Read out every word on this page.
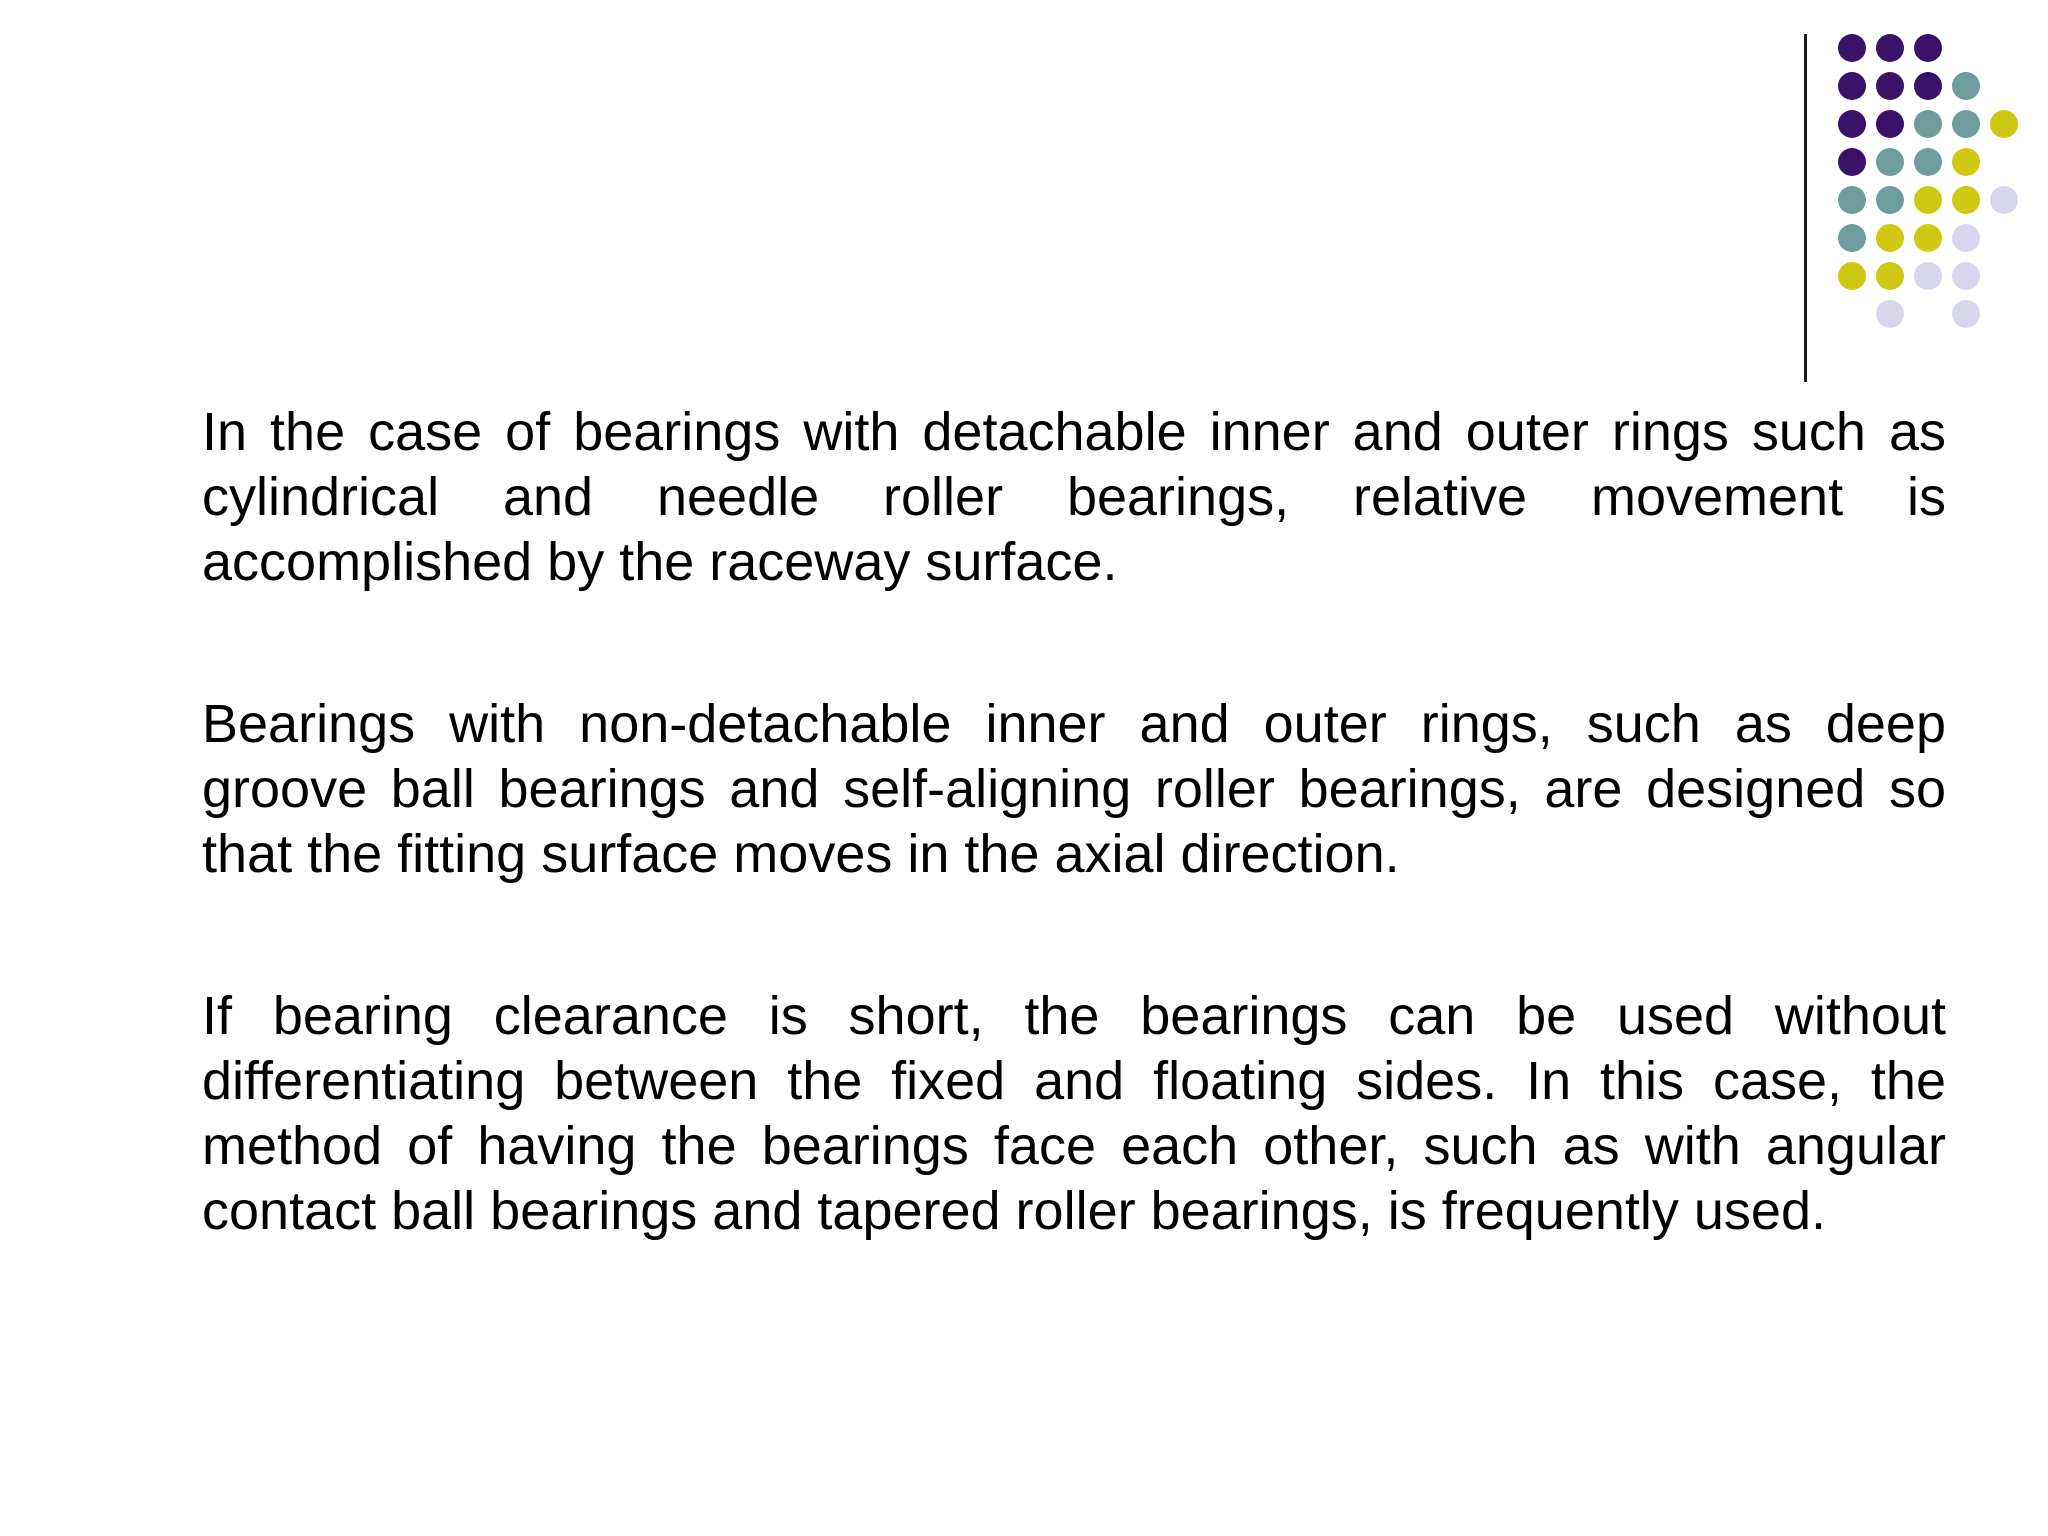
In the case of bearings with detachable inner and outer rings such as cylindrical and needle roller bearings, relative movement is accomplished by the raceway surface.

Bearings with non-detachable inner and outer rings, such as deep groove ball bearings and self-aligning roller bearings, are designed so that the fitting surface moves in the axial direction.

If bearing clearance is short, the bearings can be used without differentiating between the fixed and floating sides. In this case, the method of having the bearings face each other, such as with angular contact ball bearings and tapered roller bearings, is frequently used.
